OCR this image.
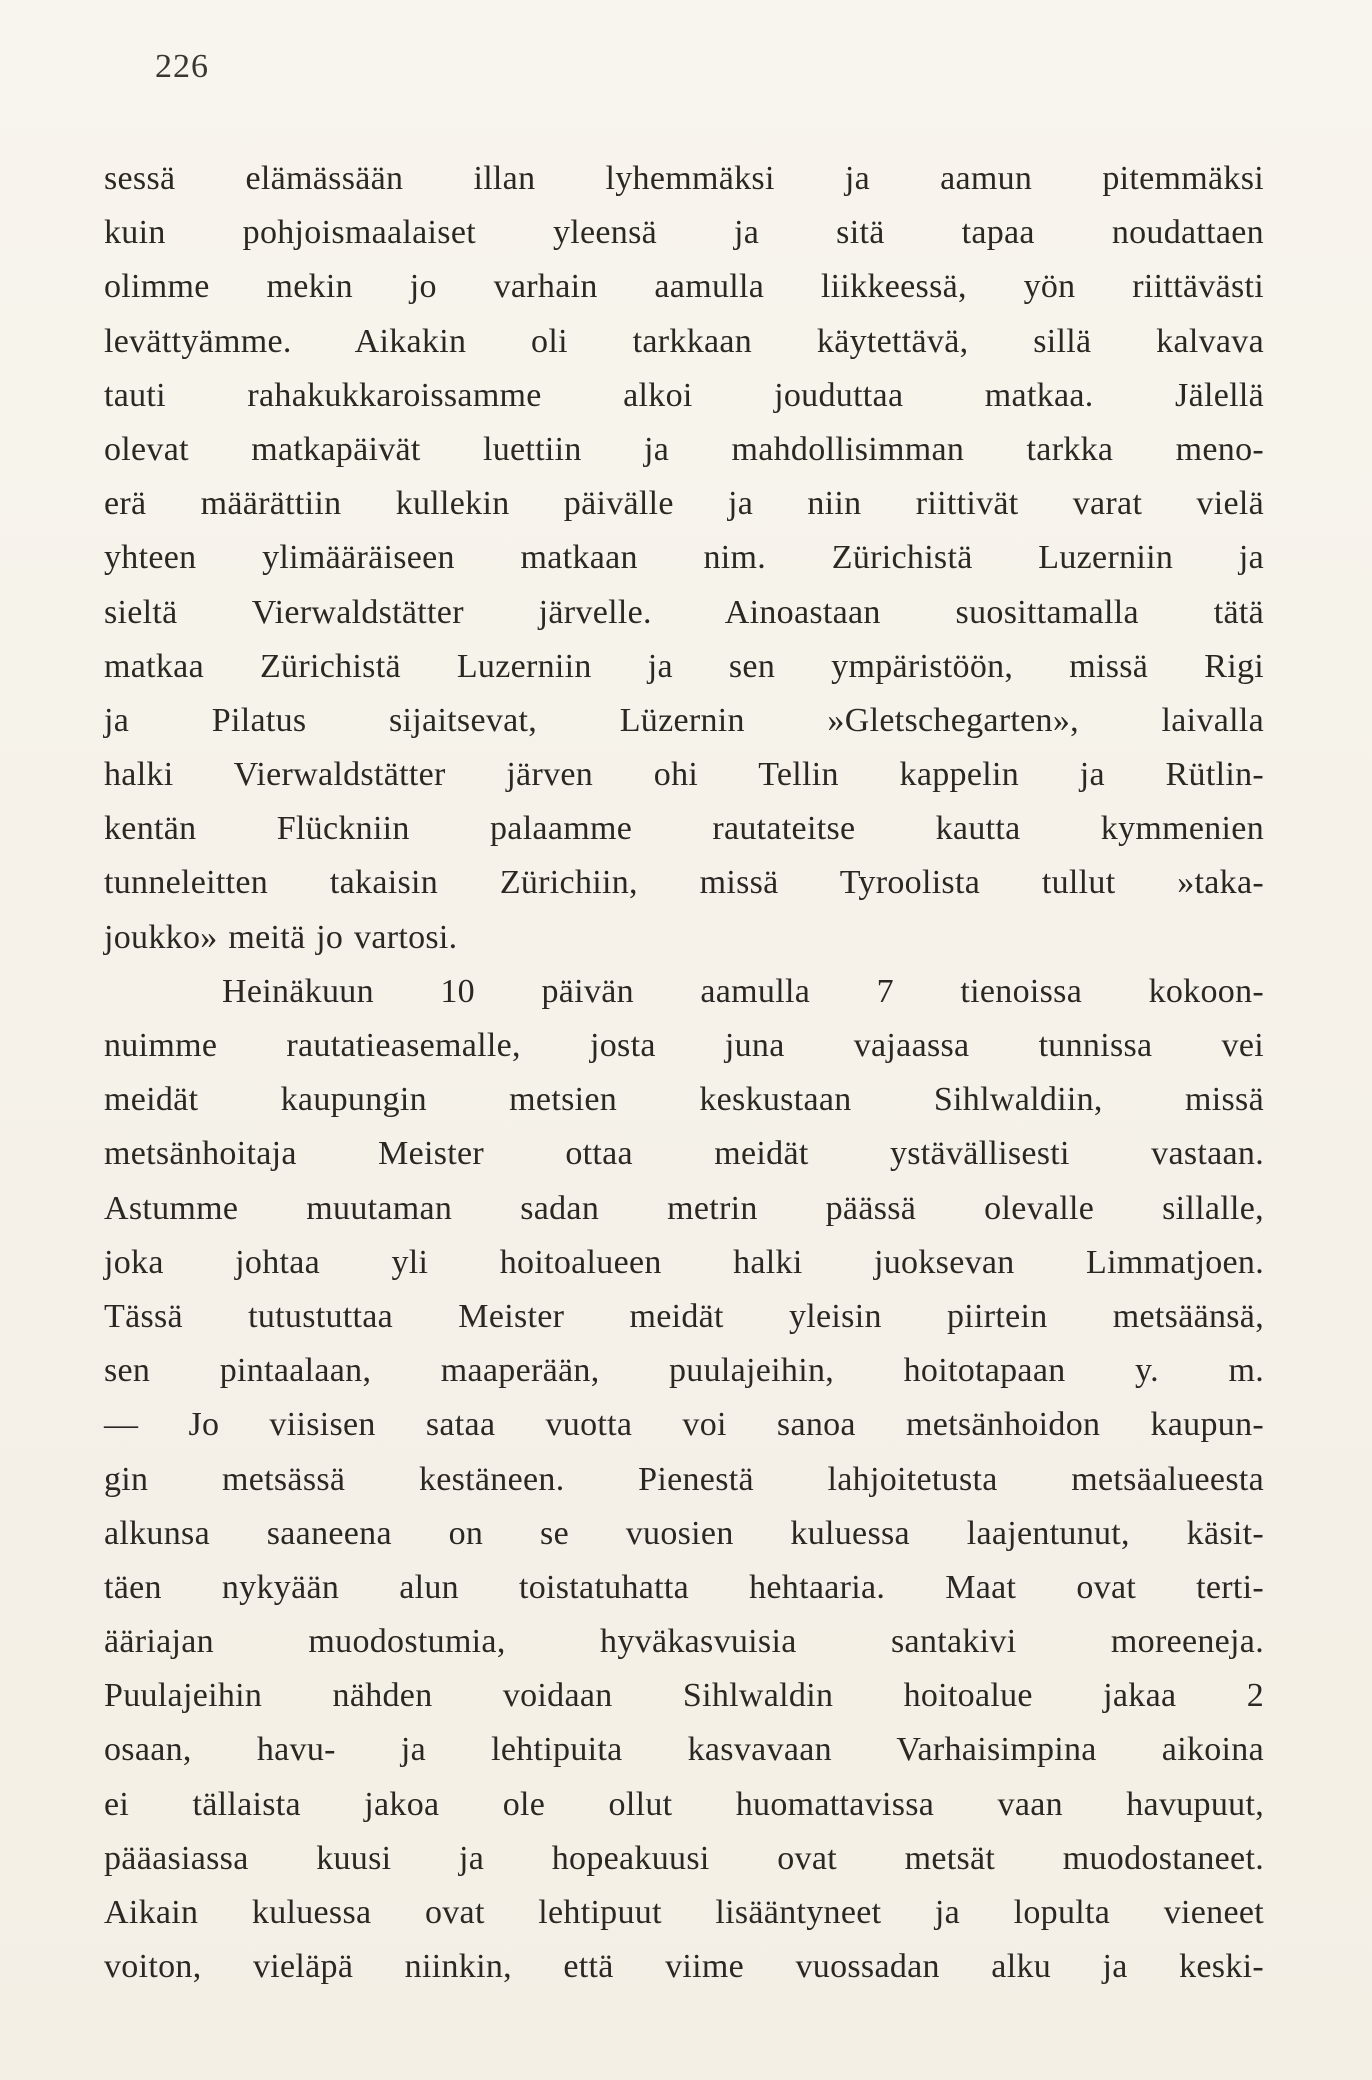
226
sessä elämässään illan lyhemmäksi ja aamun pitemmäksi
kuin pohjoismaalaiset yleensä ja sitä tapaa noudattaen
olimme mekin jo varhain aamulla liikkeessä, yön riittävästi
levättyämme. Aikakin oli tarkkaan käytettävä, sillä kalvava
tauti rahakukkaroissamme alkoi jouduttaa matkaa. Jälellä
olevat matkapäivät luettiin ja mahdollisimman tarkka meno-
erä määrättiin kullekin päivälle ja niin riittivät varat vielä
yhteen ylimääräiseen matkaan nim. Zürichistä Luzerniin ja
sieltä Vierwaldstätter järvelle. Ainoastaan suosittamalla tätä
matkaa Zürichistä Luzerniin ja sen ympäristöön, missä Rigi
ja Pilatus sijaitsevat, Lüzernin »Gletschegarten», laivalla
halki Vierwaldstätter järven ohi Tellin kappelin ja Rütlin-
kentän Flückniin palaamme rautateitse kautta kymmenien
tunneleitten takaisin Zürichiin, missä Tyroolista tullut »taka-
joukko» meitä jo vartosi.
Heinäkuun 10 päivän aamulla 7 tienoissa kokoon-
nuimme rautatieasemalle, josta juna vajaassa tunnissa vei
meidät kaupungin metsien keskustaan Sihlwaldiin, missä
metsänhoitaja Meister ottaa meidät ystävällisesti vastaan.
Astumme muutaman sadan metrin päässä olevalle sillalle,
joka johtaa yli hoitoalueen halki juoksevan Limmatjoen.
Tässä tutustuttaa Meister meidät yleisin piirtein metsäänsä,
sen pintaalaan, maaperään, puulajeihin, hoitotapaan y. m.
— Jo viisisen sataa vuotta voi sanoa metsänhoidon kaupun-
gin metsässä kestäneen. Pienestä lahjoitetusta metsäalueesta
alkunsa saaneena on se vuosien kuluessa laajentunut, käsit-
täen nykyään alun toistatuhatta hehtaaria. Maat ovat terti-
ääriajan muodostumia, hyväkasvuisia santakivi moreeneja.
Puulajeihin nähden voidaan Sihlwaldin hoitoalue jakaa 2
osaan, havu- ja lehtipuita kasvavaan Varhaisimpina aikoina
ei tällaista jakoa ole ollut huomattavissa vaan havupuut,
pääasiassa kuusi ja hopeakuusi ovat metsät muodostaneet.
Aikain kuluessa ovat lehtipuut lisääntyneet ja lopulta vieneet
voiton, vieläpä niinkin, että viime vuossadan alku ja keski-
